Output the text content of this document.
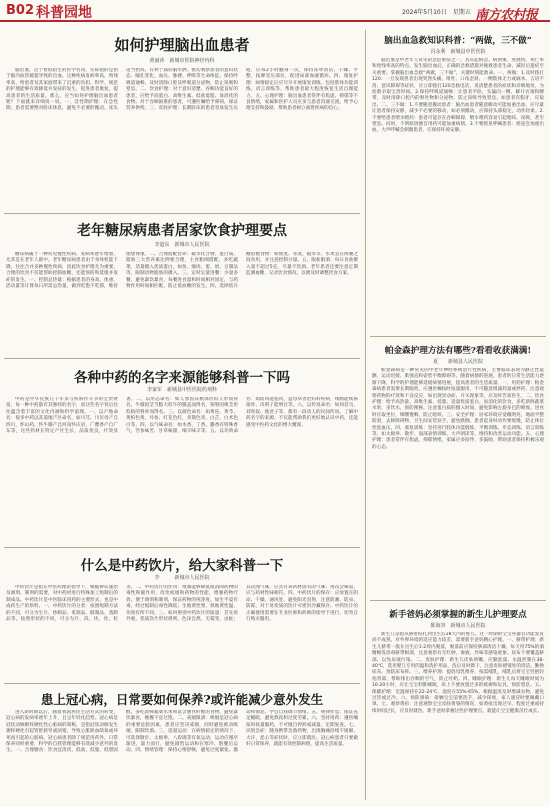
B02 科普园地	2024年5月10日　星期五 南方农村报
如何护理脑出血患者
黄丽萍　新城市医院神经内科

脑出血，这个看似陌生的医学名词，实际指的是由于脑内血管破裂导致的出血。这种疾病发病率高，致残率高，给患者及其家庭带来了沉重的负担。科学、规范的护理能够有效降低并发症的发生，促进患者康复，提高患者的生活质量。那么，应当如何护理脑出血患者呢？下面就来详细说一说。一、急性期护理：在急性期，患者需要绝对卧床休息，避免不必要的搬动。床头适当抬高，有利于减轻脑水肿。密切观察患者的意识状态、瞳孔变化、血压、脉搏、呼吸等生命体征。保持呼吸道通畅，及时清除口腔及呼吸道分泌物，防止误吸和窒息。二、饮食护理：对于意识清楚、吞咽功能良好的患者，应给予高蛋白、高维生素、低盐低脂、易消化的食物。对于吞咽困难的患者，可遵医嘱给予鼻饲，保证营养供给。三、皮肤护理：长期卧床的患者容易发生压疮，应每2小时翻身一次，保持床单清洁、干燥、平整，按摩受压部位，促进局部血液循环。四、康复护理：病情稳定后应尽早开展康复训练，包括肢体功能训练、语言训练等，帮助患者最大程度恢复生活自理能力。五、心理护理：脑出血患者常伴有焦虑、抑郁等不良情绪，家属和医护人员应多与患者沟通交流，给予心理支持和鼓励，帮助患者树立战胜疾病的信心。

老年糖尿病患者居家饮食护理要点
李道东　新城市人民医院

糖尿病属于一种常见慢性疾病，发病率逐年增加，尤其是在老年人群中。老年糖尿病患者由于身体机能下降，往往合并多种慢性疾病，因此饮食护理尤为重要。合理的饮食不仅能帮助控制血糖，还能预防和延缓并发症的发生。一、控制总热量：根据患者的身高、体重、活动量等计算每日所需总热量，做到吃饱不吃撑，维持理想体重。二、合理搭配营养：碳水化合物、蛋白质、脂肪三大营养素比例要合理，主食粗细搭配，多吃蔬菜，适量摄入优质蛋白，如鱼、瘦肉、蛋、奶、豆制品等，限制动物脂肪的摄入。三、定时定量进餐：少量多餐，避免暴饮暴食，每餐进食量和时间相对固定，与药物作用时间相匹配，防止低血糖的发生。四、选择低升糖指数食物：如燕麦、荞麦、糙米等，水果宜在两餐之间食用，并注意控制分量。五、限盐限酒：每日食盐摄入量不超过5克，尽量不饮酒。老年患者还要注意定期监测血糖，记录饮食情况，以便及时调整饮食方案。

各种中药的名字来源能够科普一下吗
李家军　新城县中医医院药剂科

中药是中华民族几千年来与疾病作斗争的宝贵财富，每一种中药都有其独特的名字，而这些名字背后往往蕴含着丰富的文化内涵和科学道理。一、以产地命名：很多中药以其道地产区命名，如川芎、川贝母产自四川，怀山药、怀牛膝产自河南怀庆府，广藿香产自广东等，这些药材在特定产区生长，品质优良，疗效显著。二、以形态命名：如人参因其根部形似人形而得名，牛膝因茎节膨大似牛的膝盖而得名，狗脊因根茎形似狗的脊骨而得名。三、以颜色命名：如黄连、黄芩、黄柏色黄，丹参、红花色红，青黛色青，白芷、白术色白等。四、以气味命名：如木香、丁香、麝香有特殊香气，苦参味苦，甘草味甜，细辛味辛等。五、以功效命名：如防风能祛风，益母草善治妇科疾病，续断能续筋接骨，决明子能明目等。六、以传说命名：如何首乌、刘寄奴、使君子等，都有一段动人的民间传说。了解中药名字的来源，不仅能帮助我们更好地认识中药，还能感受中医药文化的博大精深。

什么是中药饮片，给大家科普一下
李　　　新城市人民医院

中药饮片是指在中医药理论指导下，根据辨证施治及调剂、制剂的需要，对中药材进行特殊加工炮制后的制成品。中药饮片是中医临床用药的主要形式，也是中成药生产的原料。一、中药饮片的分类：按照炮制方法的不同，可分为生片、炒制品、炙制品、煅制品、蒸制品等。按照形状的不同，可分为片、段、块、丝、粒等。二、中药饮片的作用：炮制能够降低或消除药物的毒性和副作用，改变或缓和药物的性能，增强药物疗效，便于调剂和制剂，保证药物的纯净度。如生半夏有毒，经过炮制后毒性降低；生地黄性寒，熟地黄性温，功效有所不同。三、如何辨别中药饮片的质量：首先看外观，优质饮片形状规则，色泽自然，无霉变、虫蛀；其次闻气味，应具有该药材固有的气味；再次尝味道，应与药材性味相符。四、中药饮片的保存：应放置在阴凉、干燥、通风处，避免阳光直射，注意防潮、防虫、防霉，对于易变质的饮片可密封冷藏保存。中药饮片的正确使用需要在专业医师和药师的指导下进行，切勿自行购买服用。

患上冠心病，日常要如何保养?或许能减少意外发生

进入新时期以后，随着我国居民生活方式的转变，冠心病的发病率逐年上升，且呈年轻化趋势。冠心病是冠状动脉粥样硬化性心脏病的简称，是指冠状动脉发生粥样硬化引起管腔狭窄或闭塞，导致心肌缺血缺氧或坏死而引起的心脏病。冠心病患者除了规范用药外，日常保养同样重要，科学的自我管理能够有效减少意外的发生。一、合理膳食：饮食宜清淡，低盐、低脂、低胆固醇，多吃新鲜蔬菜水果和富含膳食纤维的食物，避免暴饮暴食，晚餐不宜过饱。二、戒烟限酒：吸烟是冠心病的重要危险因素，患者应坚决戒烟，同时避免被动吸烟，限制饮酒。三、适量运动：在病情稳定的情况下，可选择散步、太极拳、八段锦等有氧运动，运动应循序渐进，量力而行，避免剧烈运动和在寒冷、饱餐后运动。四、情绪管理：保持心情舒畅，避免过度紧张、激动和愤怒，学会自我调节情绪。五、规律作息：保证充足睡眠，避免熬夜和过度劳累。六、坚持用药：遵医嘱按时按量服药，不可擅自停药或减量，定期复查。七、识别急症：随身携带急救药物，出现胸痛持续不缓解、大汗、恶心等症状时，应立即就医。冠心病患者只要做好日常保养，就能有效控制病情，提高生活质量。

脑出血急救知识科普：“两做，三不做”
冯永利　新城县中医医院

脑出血是中老年人常见的急危重症之一，具有起病急、病情重、进展快、死亡率和致残率高的特点。发生脑出血后，正确的急救措施对挽救患者生命、减轻后遗症至关重要。掌握脑出血急救“两做，三不做”，关键时刻能救命。一、两做：1.及时拨打120：一旦发现患者出现突然头痛、呕吐、口角歪斜、一侧肢体无力或麻木、言语不清、意识障碍等症状，应立即拨打120急救电话，说清楚患者的症状和详细地址，为抢救争取宝贵时间。2.保持呼吸道通畅：让患者平卧，头偏向一侧，解开衣领和腰带，及时清除口腔内的呕吐物和分泌物，防止误吸导致窒息。如患者有假牙，应取出。二、三不做：1.不要随意搬动患者：脑出血患者随意搬动可能加重出血，应尽量让患者保持安静，减少不必要的移动，如必须搬动，应保持头部稳定，动作轻柔。2.不要给患者喂水喂药：患者可能存在吞咽障碍，喂水喂药容易引起呛咳、误吸，甚至窒息。同时，不明原因擅自用药可能加重病情。3.不要摇晃呼喊患者：摇晃会加重出血，大声呼喊会刺激患者，应保持环境安静。

帕金森护理方法有哪些?看看收获满满!
夏　　新城县人民医院

帕金森病是一种常见的中老年神经系统退行性疾病，主要临床表现为静止性震颤、运动迟缓、肌强直和姿势平衡障碍等。随着病情的进展，患者的日常生活能力逐渐下降，科学的护理能够延缓病情进展，提高患者的生活质量。一、用药护理：帕金森病患者需要长期服药，应遵医嘱按时按量服用，不可随意增减药量或停药，注意观察药物的疗效和不良反应，如出现异动症、开关现象等，应及时告知医生。二、饮食护理：给予高热量、高维生素、低脂、适量优质蛋白、易消化的饮食，多吃新鲜蔬菜水果，多饮水，预防便秘。注意蛋白质的摄入时间，避免影响左旋多巴的吸收。进食时应取坐位，细嚼慢咽，防止呛咳。三、安全护理：居家环境应宽敞明亮，地面平整防滑，去除障碍物，卫生间安装扶手，避免跌倒。患者起身时动作要缓慢，防止体位性低血压。四、康复训练：坚持进行肢体功能锻炼、平衡训练、步态训练、语言训练等，如太极拳、散步、面部表情训练、大声朗读等，维持和改善运动功能。五、心理护理：患者常伴有焦虑、抑郁情绪，家属应多陪伴、多鼓励，帮助患者保持积极乐观的心态。

新手爸妈必须掌握的新生儿护理要点
陈海容　新城市人民医院

新生儿是指从脐带结扎到出生后28天内的婴儿。这一时期的宝宝各器官功能发育尚不成熟，对外界环境的适应能力较差，需要新手爸妈精心护理。一、脐带护理：新生儿脐带一般在出生后1-2周内脱落，脱落前应保持脐部清洁干燥，每天用75%的酒精棉签消毒脐带根部，注意观察有无红肿、渗液、异味等感染迹象。尿布不要覆盖脐部，以免尿液污染。二、皮肤护理：新生儿皮肤娇嫩，应勤洗澡，水温控制在38-40℃，选用婴儿专用的温和洗护用品，洗后及时擦干，注意皮肤褶皱处的清洁。勤换尿布，预防尿布疹。三、喂养护理：提倡母乳喂养，按需哺乳，哺乳后将宝宝竖抱轻拍背部，帮助排出吞咽的空气，防止吐奶。四、睡眠护理：新生儿每天睡眠时间为16-20小时，应让宝宝仰卧睡眠，床上不要放置过多的被褥和玩具，预防窒息。五、保暖护理：室温保持在22-24℃，湿度在55%-65%，根据温度及时增减衣物，避免过热或过冷。六、预防感染：接触宝宝前要洗手，减少探视，家人感冒时要佩戴口罩。七、观察黄疸：注意观察宝宝皮肤黄染的情况，如黄疸出现过早、程度过重或持续时间过长，应及时就医。新手爸妈掌握这些护理要点，就能让宝宝健康茁壮成长。
